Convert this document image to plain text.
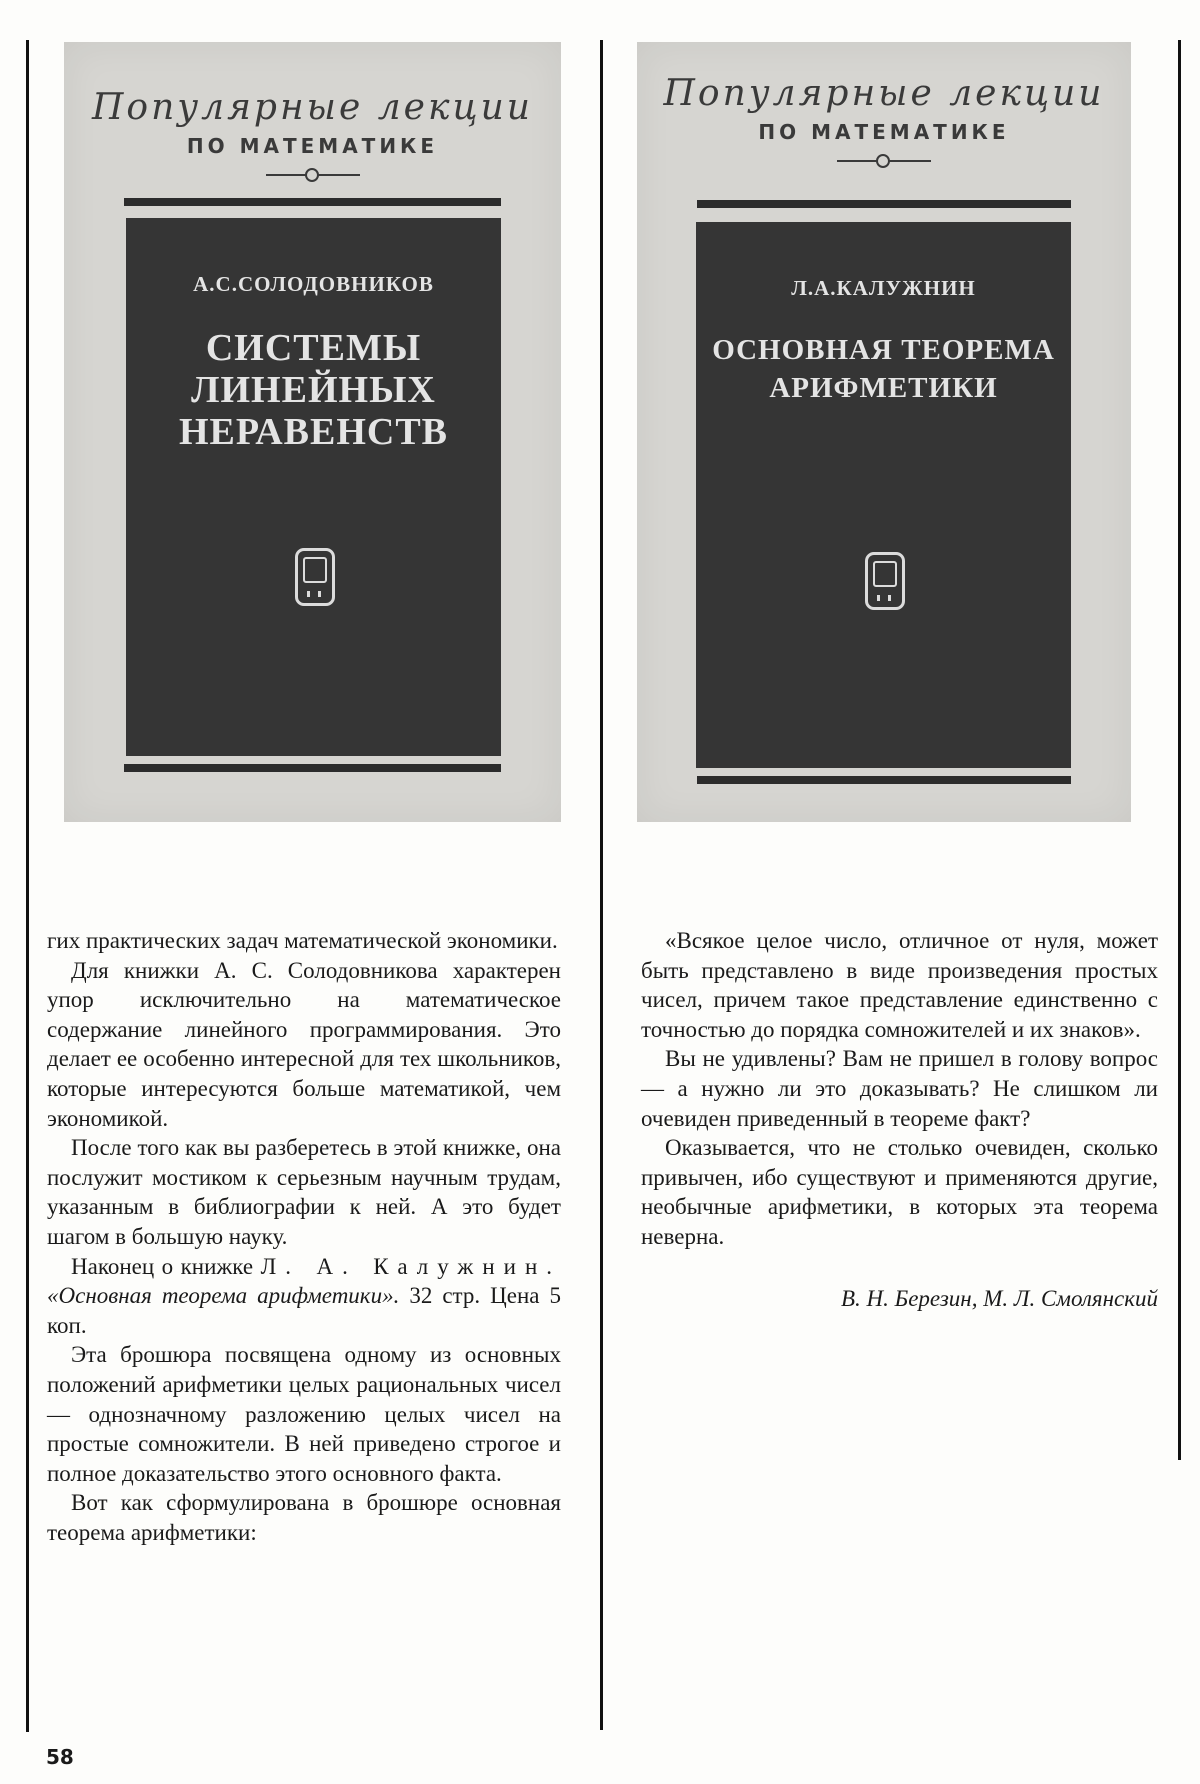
Популярные лекции
ПО МАТЕМАТИКЕ
А.С.СОЛОДОВНИКОВ
СИСТЕМЫ
ЛИНЕЙНЫХ
НЕРАВЕНСТВ
Популярные лекции
ПО МАТЕМАТИКЕ
Л.А.КАЛУЖНИН
ОСНОВНАЯ ТЕОРЕМА
АРИФМЕТИКИ

гих практических задач математической экономики.

Для книжки А. С. Солодовникова характерен упор исключительно на математическое содержание линейного программирования. Это делает ее особенно интересной для тех школьников, которые интересуются больше математикой, чем экономикой.

После того как вы разберетесь в этой книжке, она послужит мостиком к серьезным научным трудам, указанным в библиографии к ней. А это будет шагом в большую науку.

Наконец о книжке Л. А. Калужнин. «Основная теорема арифметики». 32 стр. Цена 5 коп.

Эта брошюра посвящена одному из основных положений арифметики целых рациональных чисел — однозначному разложению целых чисел на простые сомножители. В ней приведено строгое и полное доказательство этого основного факта.

Вот как сформулирована в брошюре основная теорема арифметики:

«Всякое целое число, отличное от нуля, может быть представлено в виде произведения простых чисел, причем такое представление единственно с точностью до порядка сомножителей и их знаков».

Вы не удивлены? Вам не пришел в голову вопрос — а нужно ли это доказывать? Не слишком ли очевиден приведенный в теореме факт?

Оказывается, что не столько очевиден, сколько привычен, ибо существуют и применяются другие, необычные арифметики, в которых эта теорема неверна.

В. Н. Березин, М. Л. Смолянский

58
